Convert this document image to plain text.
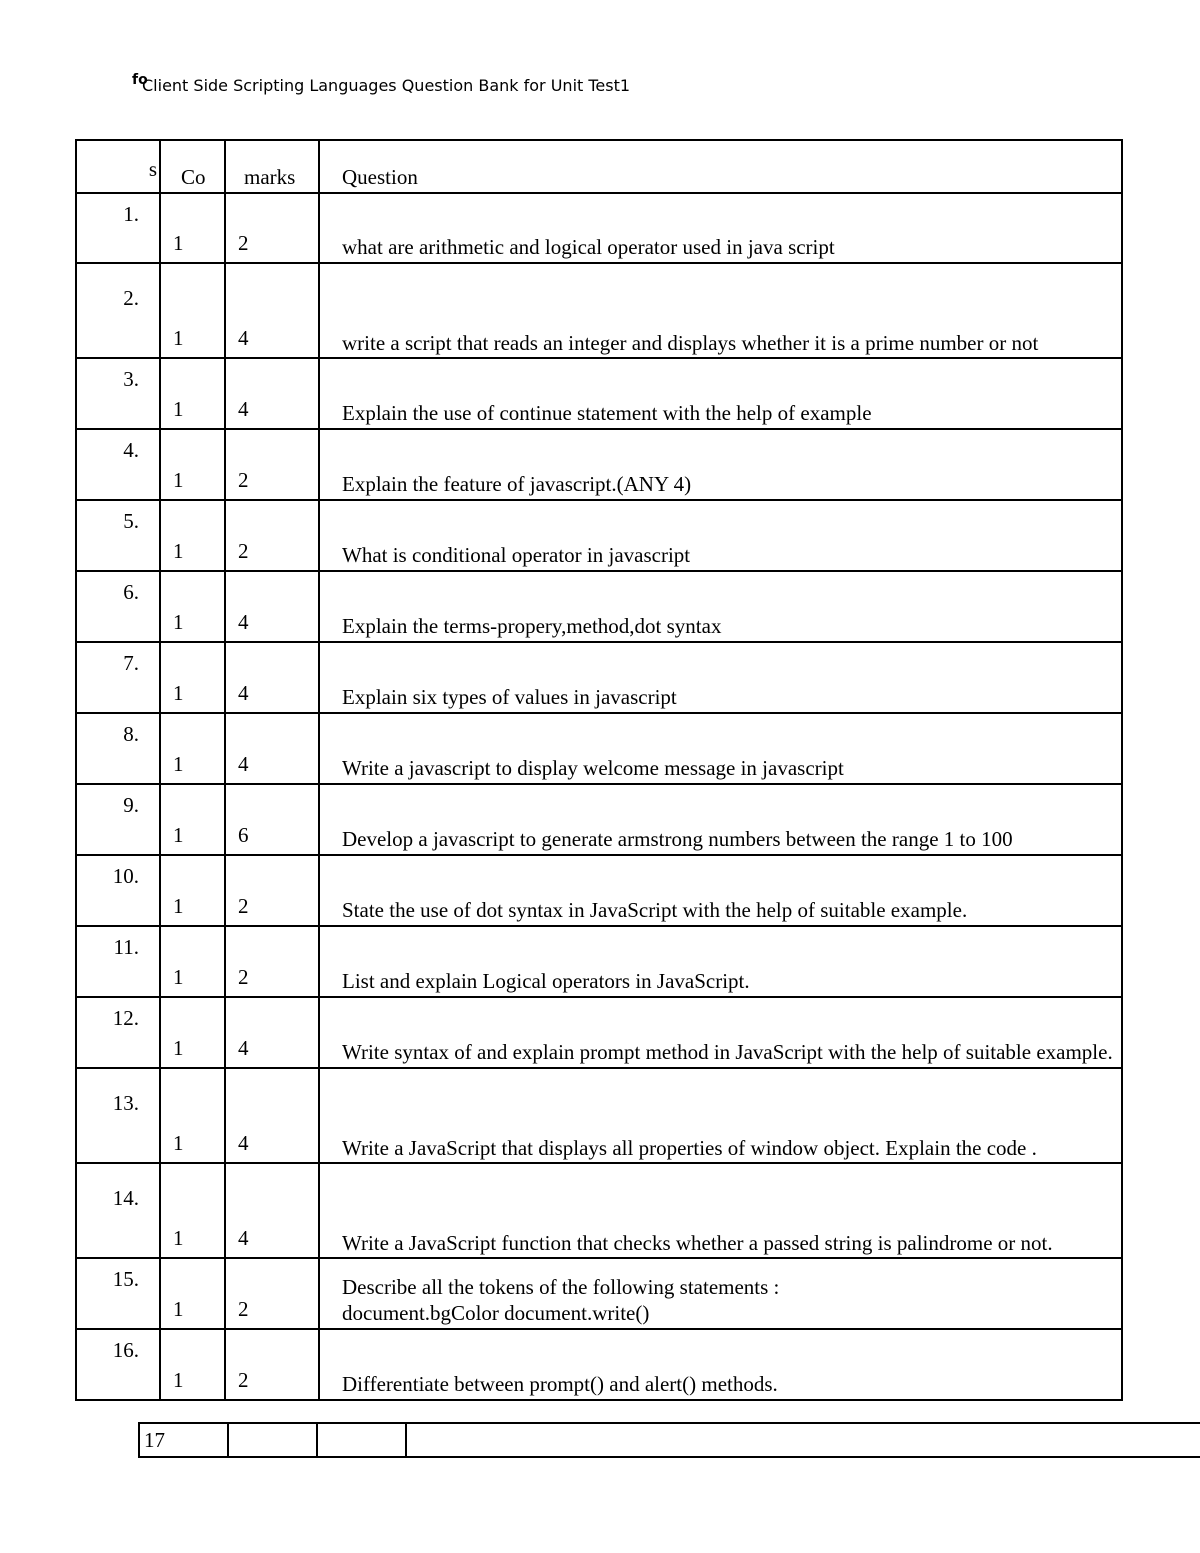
fo
Client Side Scripting Languages Question Bank for Unit Test1
s	Co	marks	Question

1.	1	2	what are arithmetic and logical operator used in java script

2.	1	4	write a script that reads an integer and displays whether it is a prime number or not

3.	1	4	Explain the use of continue statement with the help of example

4.	1	2	Explain the feature of javascript.(ANY 4)

5.	1	2	What is conditional operator in javascript

6.	1	4	Explain the terms-propery,method,dot syntax

7.	1	4	Explain six types of values in javascript

8.	1	4	Write a javascript to display welcome message in javascript

9.	1	6	Develop a javascript to generate armstrong numbers between the range 1 to 100

10.	1	2	State the use of dot syntax in JavaScript with the help of suitable example.

11.	1	2	List and explain Logical operators in JavaScript.

12.	1	4	Write syntax of and explain prompt method in JavaScript with the help of suitable example.

13.	1	4	Write a JavaScript that displays all properties of window object. Explain the code .

14.	1	4	Write a JavaScript function that checks whether a passed string is palindrome or not.

15.	1	2	Describe all the tokens of the following statements :
document.bgColor document.write()

16.	1	2	Differentiate between prompt() and alert() methods.
17			
